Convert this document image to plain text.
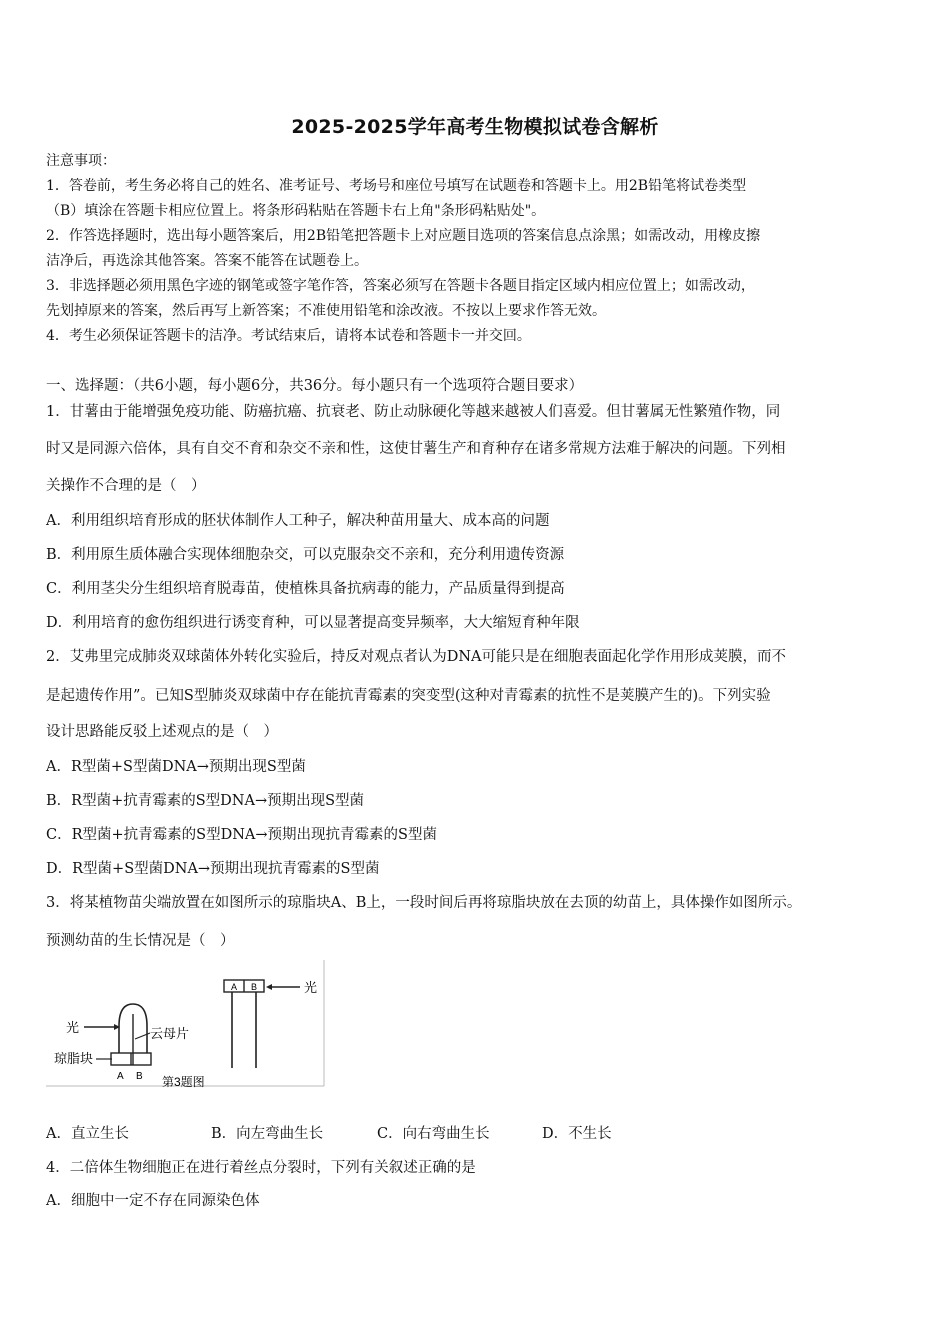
2025-2025学年高考生物模拟试卷含解析
注意事项：
1．答卷前，考生务必将自己的姓名、准考证号、考场号和座位号填写在试题卷和答题卡上。用2B铅笔将试卷类型
（B）填涂在答题卡相应位置上。将条形码粘贴在答题卡右上角"条形码粘贴处"。
2．作答选择题时，选出每小题答案后，用2B铅笔把答题卡上对应题目选项的答案信息点涂黑；如需改动，用橡皮擦
洁净后，再选涂其他答案。答案不能答在试题卷上。
3．非选择题必须用黑色字迹的钢笔或签字笔作答，答案必须写在答题卡各题目指定区域内相应位置上；如需改动，
先划掉原来的答案，然后再写上新答案；不准使用铅笔和涂改液。不按以上要求作答无效。
4．考生必须保证答题卡的洁净。考试结束后，请将本试卷和答题卡一并交回。
一、选择题：（共6小题，每小题6分，共36分。每小题只有一个选项符合题目要求）
1．甘薯由于能增强免疫功能、防癌抗癌、抗衰老、防止动脉硬化等越来越被人们喜爱。但甘薯属无性繁殖作物，同
时又是同源六倍体，具有自交不育和杂交不亲和性，这使甘薯生产和育种存在诸多常规方法难于解决的问题。下列相
关操作不合理的是（　）
A．利用组织培育形成的胚状体制作人工种子，解决种苗用量大、成本高的问题
B．利用原生质体融合实现体细胞杂交，可以克服杂交不亲和，充分利用遗传资源
C．利用茎尖分生组织培育脱毒苗，使植株具备抗病毒的能力，产品质量得到提高
D．利用培育的愈伤组织进行诱变育种，可以显著提高变异频率，大大缩短育种年限
2．艾弗里完成肺炎双球菌体外转化实验后，持反对观点者认为DNA可能只是在细胞表面起化学作用形成荚膜，而不
是起遗传作用”。已知S型肺炎双球菌中存在能抗青霉素的突变型(这种对青霉素的抗性不是荚膜产生的)。下列实验
设计思路能反驳上述观点的是（　）
A．R型菌+S型菌DNA→预期出现S型菌
B．R型菌+抗青霉素的S型DNA→预期出现S型菌
C．R型菌+抗青霉素的S型DNA→预期出现抗青霉素的S型菌
D．R型菌+S型菌DNA→预期出现抗青霉素的S型菌
3．将某植物苗尖端放置在如图所示的琼脂块A、B上，一段时间后再将琼脂块放在去顶的幼苗上，具体操作如图所示。
预测幼苗的生长情况是（　）
光	云母片
琼脂块
A B 第3题图
A B	光
A．直立生长	B．向左弯曲生长	C．向右弯曲生长	D．不生长
4．二倍体生物细胞正在进行着丝点分裂时，下列有关叙述正确的是
A．细胞中一定不存在同源染色体
